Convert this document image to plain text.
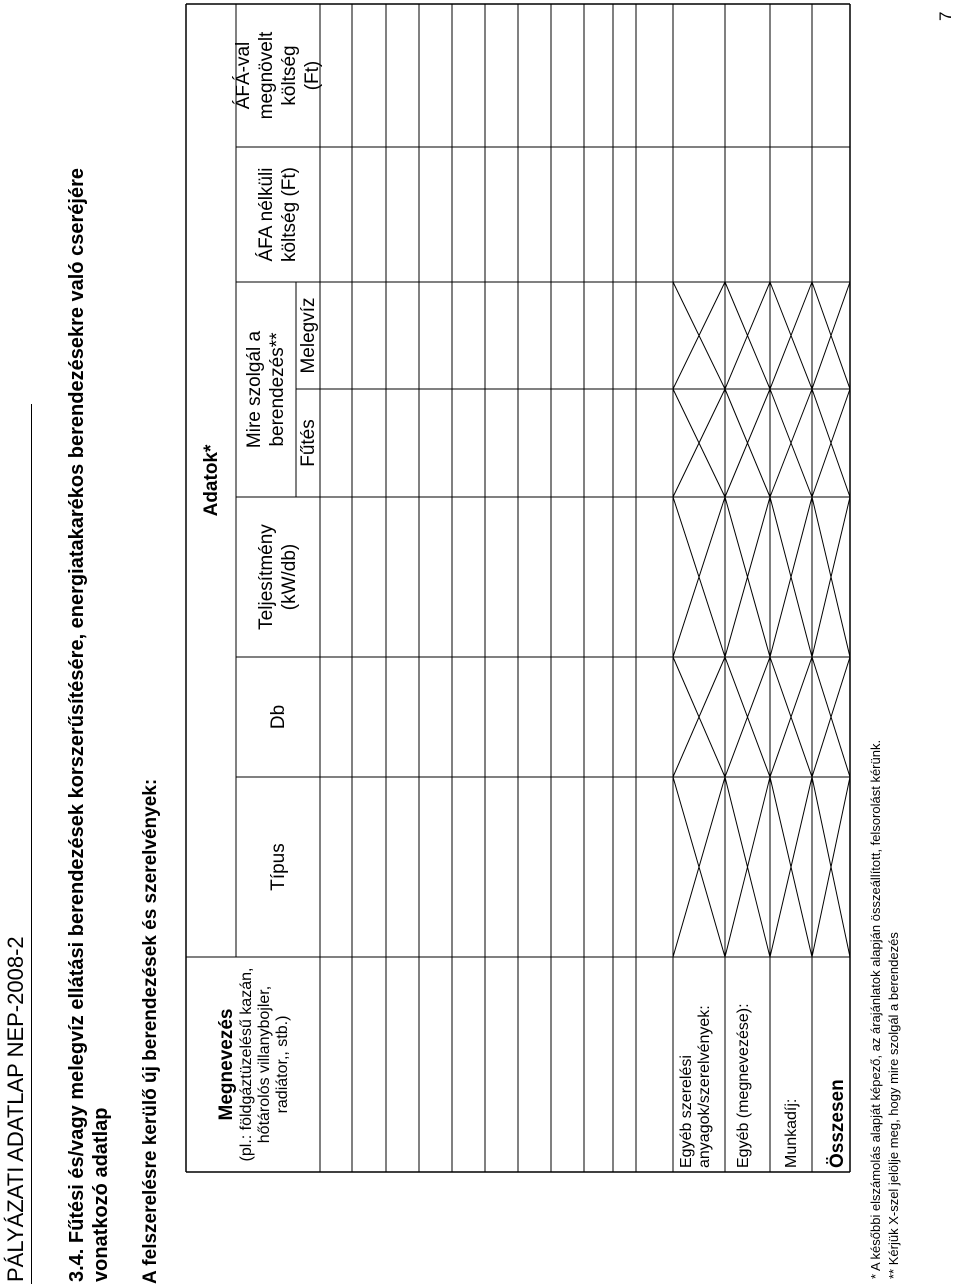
PÁLYÁZATI ADATLAP NEP-2008-2
7
3.4. Fűtési és/vagy melegvíz ellátási berendezések korszerűsítésére, energiatakarékos berendezésekre való cseréjére vonatkozó adatlap A felszerelésre kerülő új berendezések és szerelvények:	Megnevezés (pl.: földgáztüzelésű kazán, hőtárolós villanybojler, radiátor,, stb.)
Adatok*
Típus
Db
Teljesítmény (kW/db)
Mire szolgál a berendezés** Fűtés
Melegvíz
ÁFA nélküli költség (Ft)
ÁFÁ-val megnövelt költség (Ft)
Egyéb szerelési anyagok/szerelvények: Egyéb (megnevezése): Munkadíj: Összesen * A későbbi elszámolás alapját képező, az árajánlatok alapján összeállított, felsorolást kérünk. ** Kérjük X-szel jelölje meg, hogy mire szolgál a berendezés
